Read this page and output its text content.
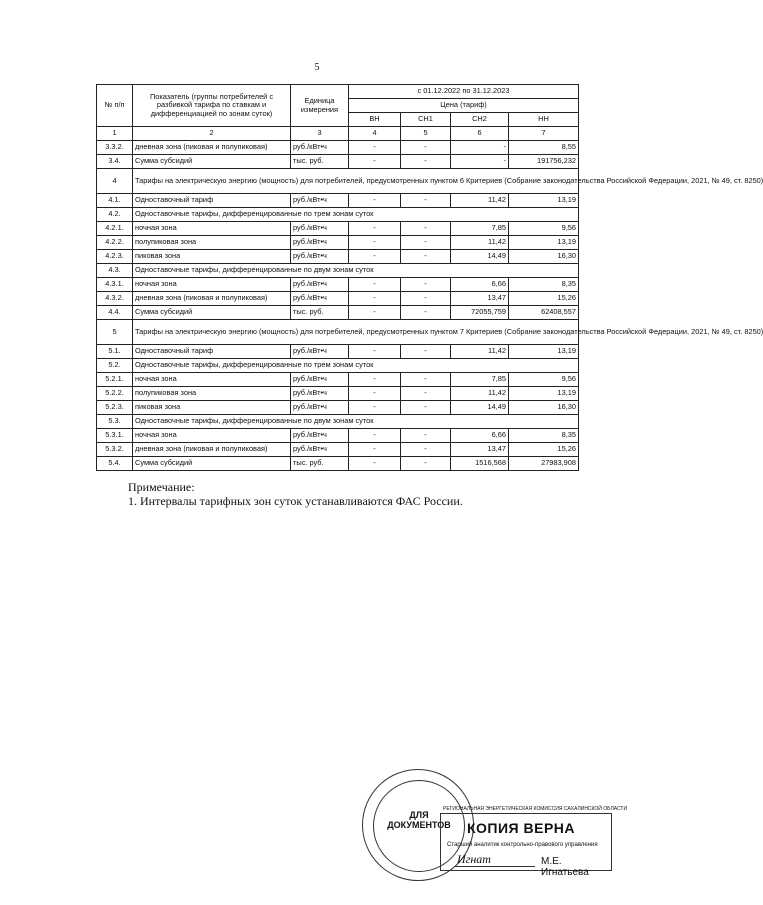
5
№ п/п	Показатель (группы потребителей с разбивкой тарифа по ставкам и дифференциацией по зонам суток)	Единица измерения	с 01.12.2022 по 31.12.2023			
			Цена (тариф)			
			ВН	СН1	СН2	НН
1	2	3	4	5	6	7
3.3.2.	дневная зона (пиковая и полупиковая)	руб./кВт•ч	-	-	-	8,55
3.4.	Сумма субсидий	тыс. руб.	-	-	-	191756,232
4	Тарифы на электрическую энергию (мощность) для потребителей, предусмотренных пунктом 6 Критериев (Собрание законодательства Российской Федерации, 2021, № 49, ст. 8250)					
4.1.	Одноставочный тариф	руб./кВт•ч	-	-	11,42	13,19
4.2.	Одноставочные тарифы, дифференцированные по трем зонам суток					
4.2.1.	ночная зона	руб./кВт•ч	-	-	7,85	9,56
4.2.2.	полупиковая зона	руб./кВт•ч	-	-	11,42	13,19
4.2.3.	пиковая зона	руб./кВт•ч	-	-	14,49	16,30
4.3.	Одноставочные тарифы, дифференцированные по двум зонам суток					
4.3.1.	ночная зона	руб./кВт•ч	-	-	6,66	8,35
4.3.2.	дневная зона (пиковая и полупиковая)	руб./кВт•ч	-	-	13,47	15,26
4.4.	Сумма субсидий	тыс. руб.	-	-	72055,759	62408,557
5	Тарифы на электрическую энергию (мощность) для потребителей, предусмотренных пунктом 7 Критериев (Собрание законодательства Российской Федерации, 2021, № 49, ст. 8250)					
5.1.	Одноставочный тариф	руб./кВт•ч	-	-	11,42	13,19
5.2.	Одноставочные тарифы, дифференцированные по трем зонам суток					
5.2.1.	ночная зона	руб./кВт•ч	-	-	7,85	9,56
5.2.2.	полупиковая зона	руб./кВт•ч	-	-	11,42	13,19
5.2.3.	пиковая зона	руб./кВт•ч	-	-	14,49	16,30
5.3.	Одноставочные тарифы, дифференцированные по двум зонам суток					
5.3.1.	ночная зона	руб./кВт•ч	-	-	6,66	8,35
5.3.2.	дневная зона (пиковая и полупиковая)	руб./кВт•ч	-	-	13,47	15,26
5.4.	Сумма субсидий	тыс. руб.	-	-	1516,568	27983,908
Примечание:
1. Интервалы тарифных зон суток устанавливаются ФАС России.
ДЛЯ ДОКУМЕНТОВ
РЕГИОНАЛЬНАЯ ЭНЕРГЕТИЧЕСКАЯ КОМИССИЯ САХАЛИНСКОЙ ОБЛАСТИ
КОПИЯ ВЕРНА
Старший аналитик контрольно-правового управления
Игнат	М.Е. Игнатьева
